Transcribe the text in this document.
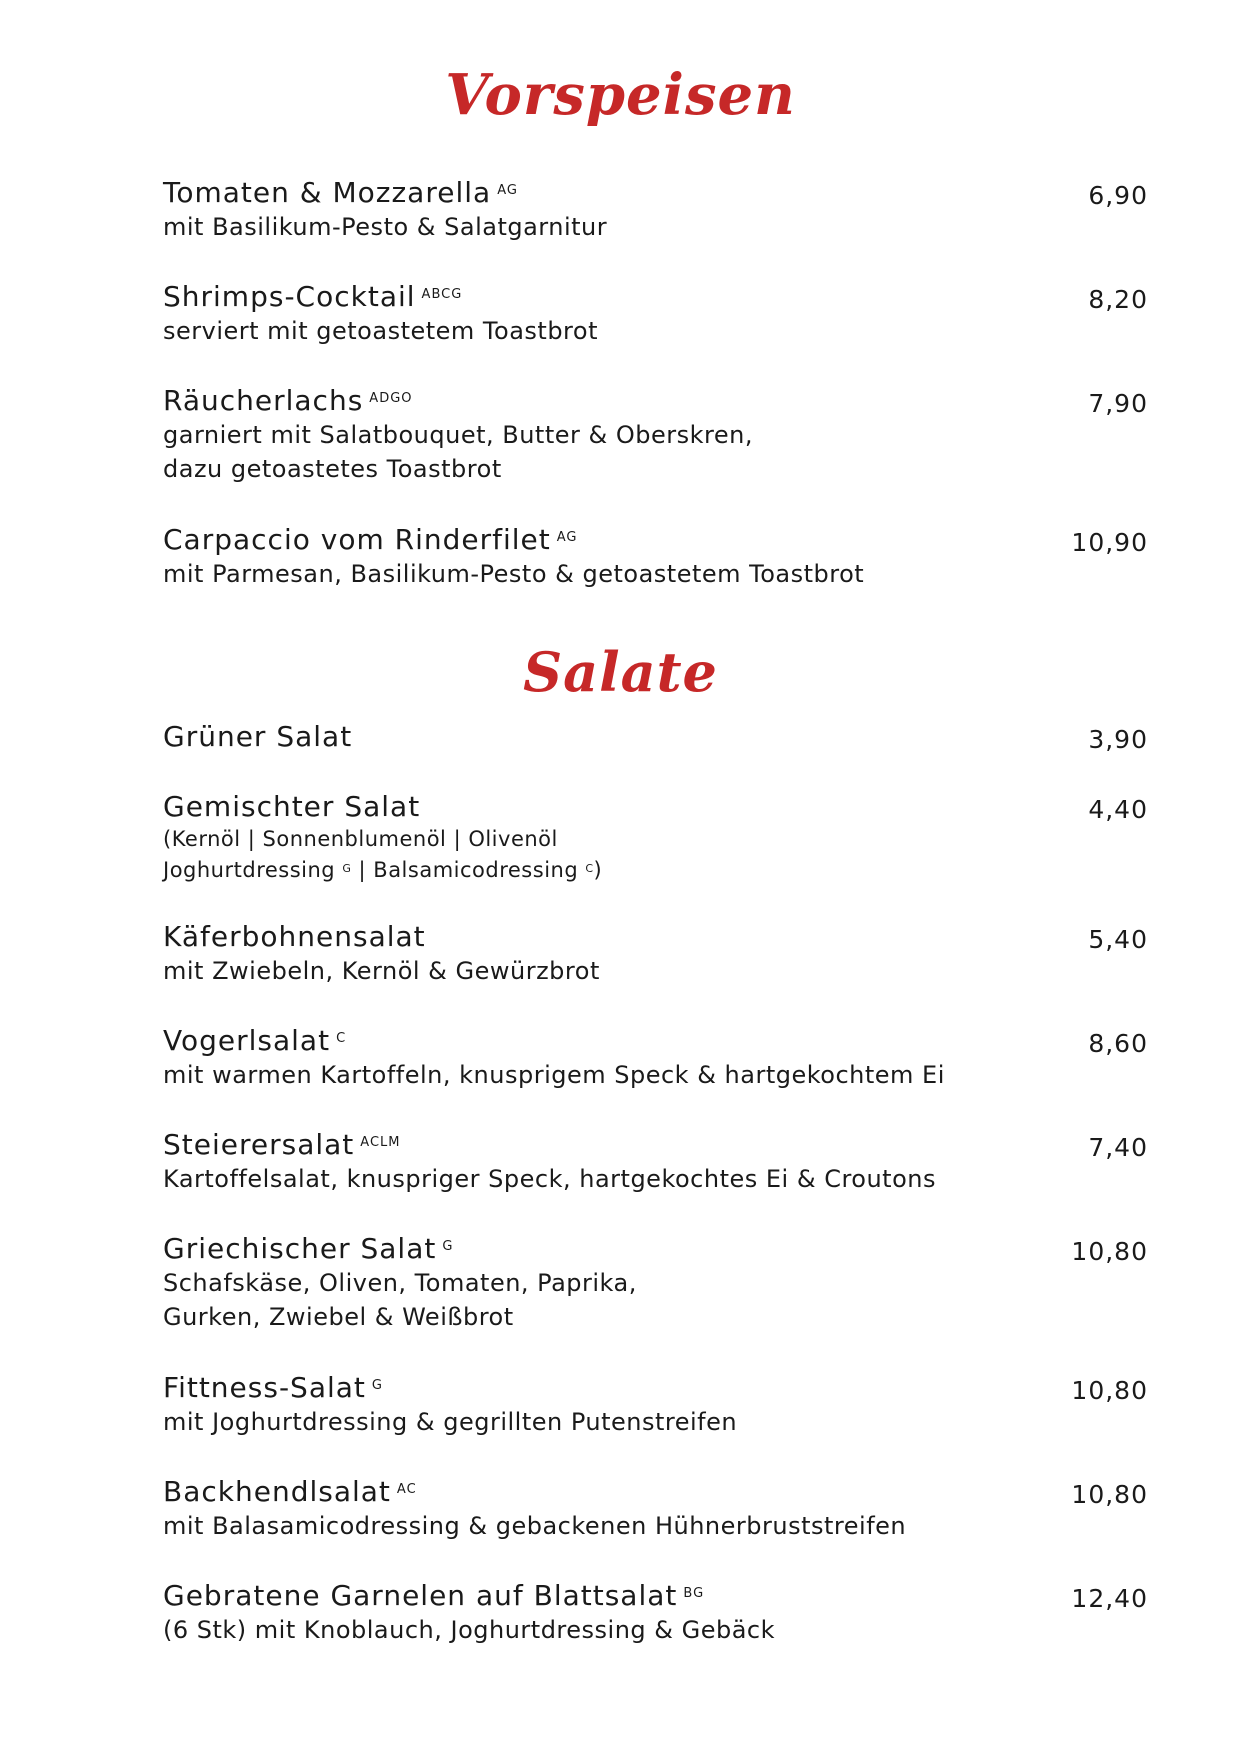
Vorspeisen
Tomaten & Mozzarella $^{AG}$
mit Basilikum-Pesto & Salatgarnitur
6,90
Shrimps-Cocktail $^{ABCG}$
serviert mit getoastetem Toastbrot
8,20
Räucherlachs $^{ADGO}$
garniert mit Salatbouquet, Butter & Oberskren,
dazu getoastetes Toastbrot
7,90
Carpaccio vom Rinderfilet $^{AG}$
mit Parmesan, Basilikum-Pesto & getoastetem Toastbrot
10,90
Salate
Grüner Salat	3,90
Gemischter Salat
(Kernöl | Sonnenblumenöl | Olivenöl
Joghurtdressing $^G$ | Balsamicodressing $^C$)
4,40
Käferbohnensalat
mit Zwiebeln, Kernöl & Gewürzbrot
5,40
Vogerlsalat $^C$
mit warmen Kartoffeln, knusprigem Speck & hartgekochtem Ei
8,60
Steierersalat $^{ACLM}$
Kartoffelsalat, knuspriger Speck, hartgekochtes Ei & Croutons
7,40
Griechischer Salat $^G$
Schafskäse, Oliven, Tomaten, Paprika,
Gurken, Zwiebel & Weißbrot
10,80
Fittness-Salat $^G$
mit Joghurtdressing & gegrillten Putenstreifen
10,80
Backhendlsalat $^{AC}$
mit Balasamicodressing & gebackenen Hühnerbruststreifen
10,80
Gebratene Garnelen auf Blattsalat $^{BG}$
(6 Stk) mit Knoblauch, Joghurtdressing & Gebäck
12,40
